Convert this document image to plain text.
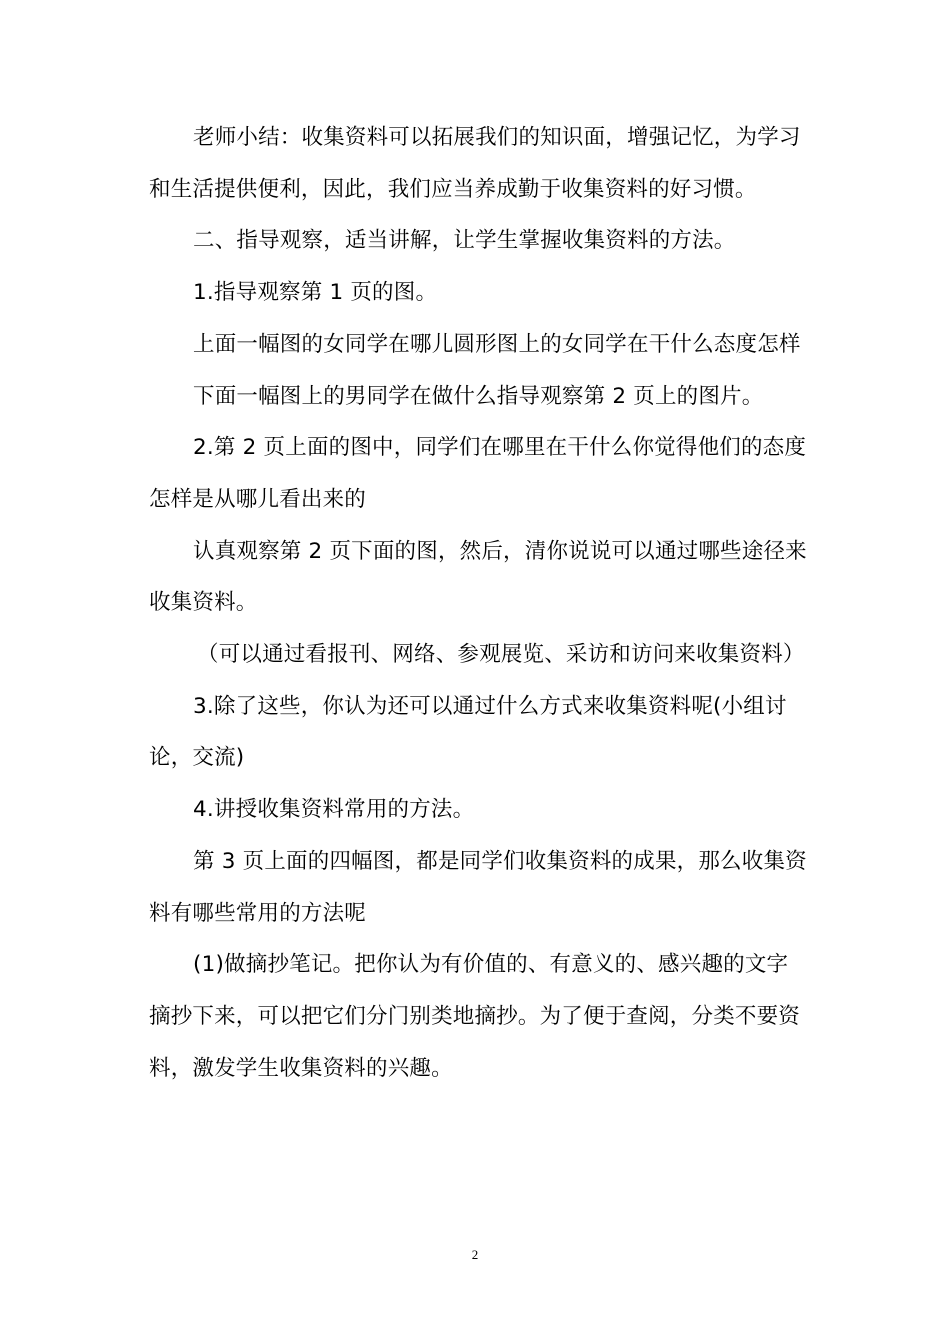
老师小结：收集资料可以拓展我们的知识面，增强记忆，为学习和生活提供便利，因此，我们应当养成勤于收集资料的好习惯。

二、指导观察，适当讲解，让学生掌握收集资料的方法。

1.指导观察第 1 页的图。

上面一幅图的女同学在哪儿圆形图上的女同学在干什么态度怎样

下面一幅图上的男同学在做什么指导观察第 2 页上的图片。

2.第 2 页上面的图中，同学们在哪里在干什么你觉得他们的态度怎样是从哪儿看出来的

认真观察第 2 页下面的图，然后，清你说说可以通过哪些途径来收集资料。

（可以通过看报刊、网络、参观展览、采访和访问来收集资料）

3.除了这些，你认为还可以通过什么方式来收集资料呢(小组讨论，交流)

4.讲授收集资料常用的方法。

第 3 页上面的四幅图，都是同学们收集资料的成果，那么收集资料有哪些常用的方法呢

(1)做摘抄笔记。把你认为有价值的、有意义的、感兴趣的文字摘抄下来，可以把它们分门别类地摘抄。为了便于查阅，分类不要资料，激发学生收集资料的兴趣。

2
